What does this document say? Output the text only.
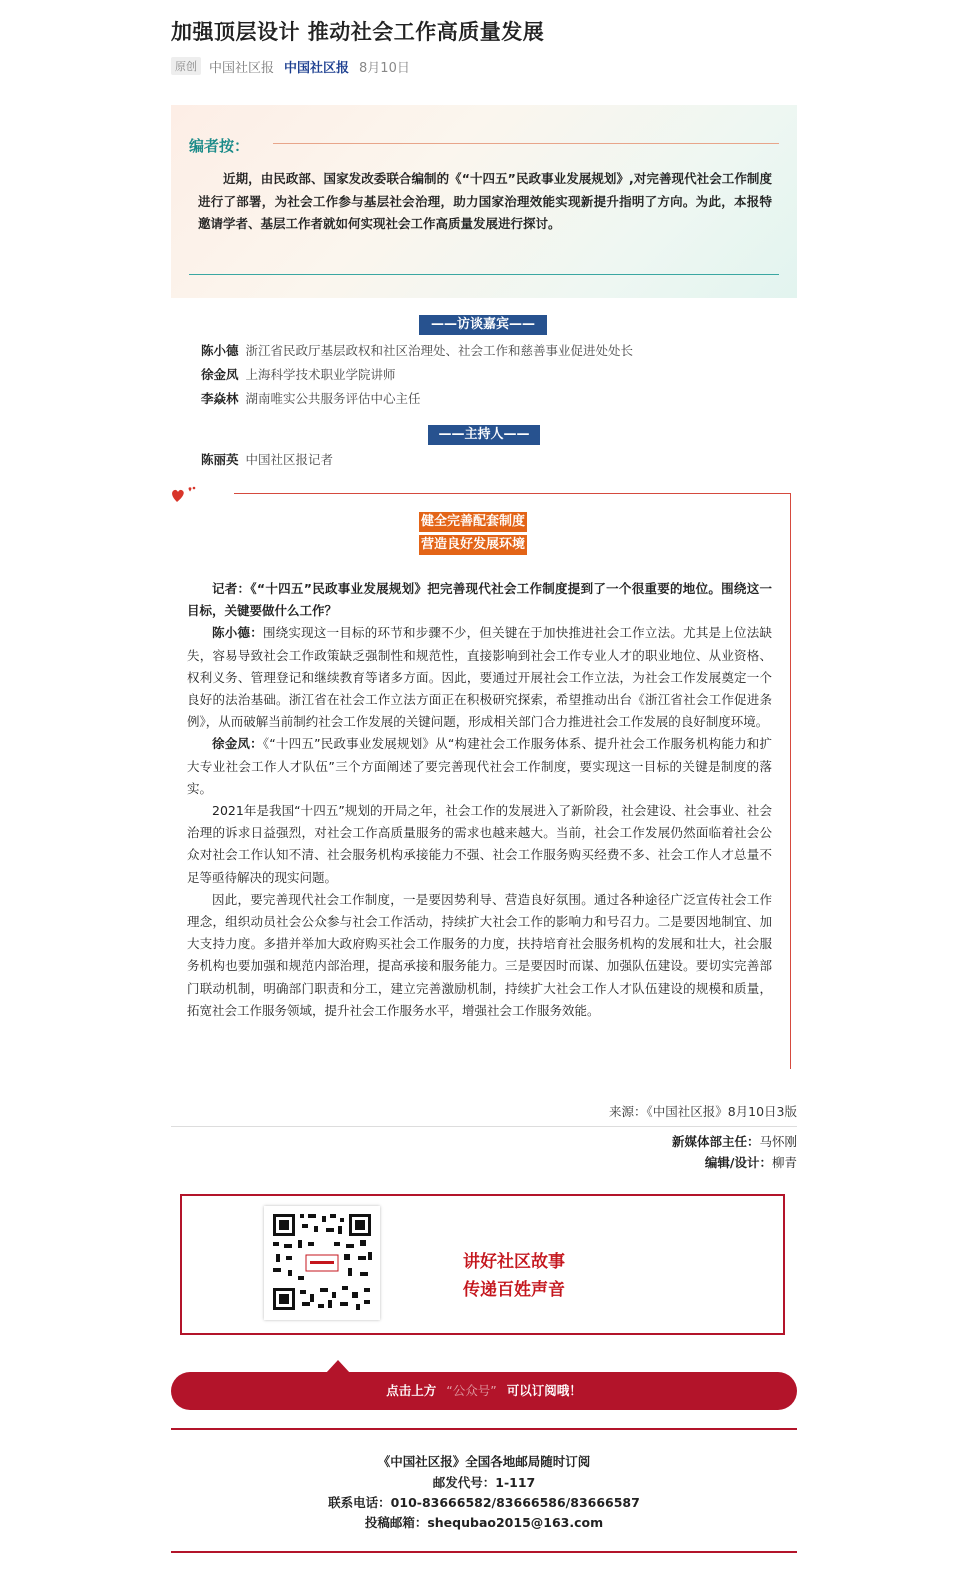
加强顶层设计 推动社会工作高质量发展
原创 中国社区报 中国社区报 8月10日
编者按：
近期，由民政部、国家发改委联合编制的《“十四五”民政事业发展规划》,对完善现代社会工作制度进行了部署，为社会工作参与基层社会治理，助力国家治理效能实现新提升指明了方向。为此，本报特邀请学者、基层工作者就如何实现社会工作高质量发展进行探讨。
——访谈嘉宾——
陈小德 浙江省民政厅基层政权和社区治理处、社会工作和慈善事业促进处处长
徐金凤 上海科学技术职业学院讲师
李焱林 湖南唯实公共服务评估中心主任
——主持人——
陈丽英 中国社区报记者
健全完善配套制度
营造良好发展环境

记者：《“十四五”民政事业发展规划》把完善现代社会工作制度提到了一个很重要的地位。围绕这一目标，关键要做什么工作？

陈小德：围绕实现这一目标的环节和步骤不少，但关键在于加快推进社会工作立法。尤其是上位法缺失，容易导致社会工作政策缺乏强制性和规范性，直接影响到社会工作专业人才的职业地位、从业资格、权利义务、管理登记和继续教育等诸多方面。因此，要通过开展社会工作立法，为社会工作发展奠定一个良好的法治基础。浙江省在社会工作立法方面正在积极研究探索，希望推动出台《浙江省社会工作促进条例》，从而破解当前制约社会工作发展的关键问题，形成相关部门合力推进社会工作发展的良好制度环境。

徐金凤：《“十四五”民政事业发展规划》从“构建社会工作服务体系、提升社会工作服务机构能力和扩大专业社会工作人才队伍”三个方面阐述了要完善现代社会工作制度，要实现这一目标的关键是制度的落实。

2021年是我国“十四五”规划的开局之年，社会工作的发展进入了新阶段，社会建设、社会事业、社会治理的诉求日益强烈，对社会工作高质量服务的需求也越来越大。当前，社会工作发展仍然面临着社会公众对社会工作认知不清、社会服务机构承接能力不强、社会工作服务购买经费不多、社会工作人才总量不足等亟待解决的现实问题。

因此，要完善现代社会工作制度，一是要因势利导、营造良好氛围。通过各种途径广泛宣传社会工作理念，组织动员社会公众参与社会工作活动，持续扩大社会工作的影响力和号召力。二是要因地制宜、加大支持力度。多措并举加大政府购买社会工作服务的力度，扶持培育社会服务机构的发展和壮大，社会服务机构也要加强和规范内部治理，提高承接和服务能力。三是要因时而谋、加强队伍建设。要切实完善部门联动机制，明确部门职责和分工，建立完善激励机制，持续扩大社会工作人才队伍建设的规模和质量，拓宽社会工作服务领域，提升社会工作服务水平，增强社会工作服务效能。

来源：《中国社区报》8月10日3版
新媒体部主任：马怀刚
编辑/设计：柳青
讲好社区故事
传递百姓声音
点击上方 “公众号” 可以订阅哦！
《中国社区报》全国各地邮局随时订阅
邮发代号：1-117
联系电话：010-83666582/83666586/83666587
投稿邮箱：shequbao2015@163.com
